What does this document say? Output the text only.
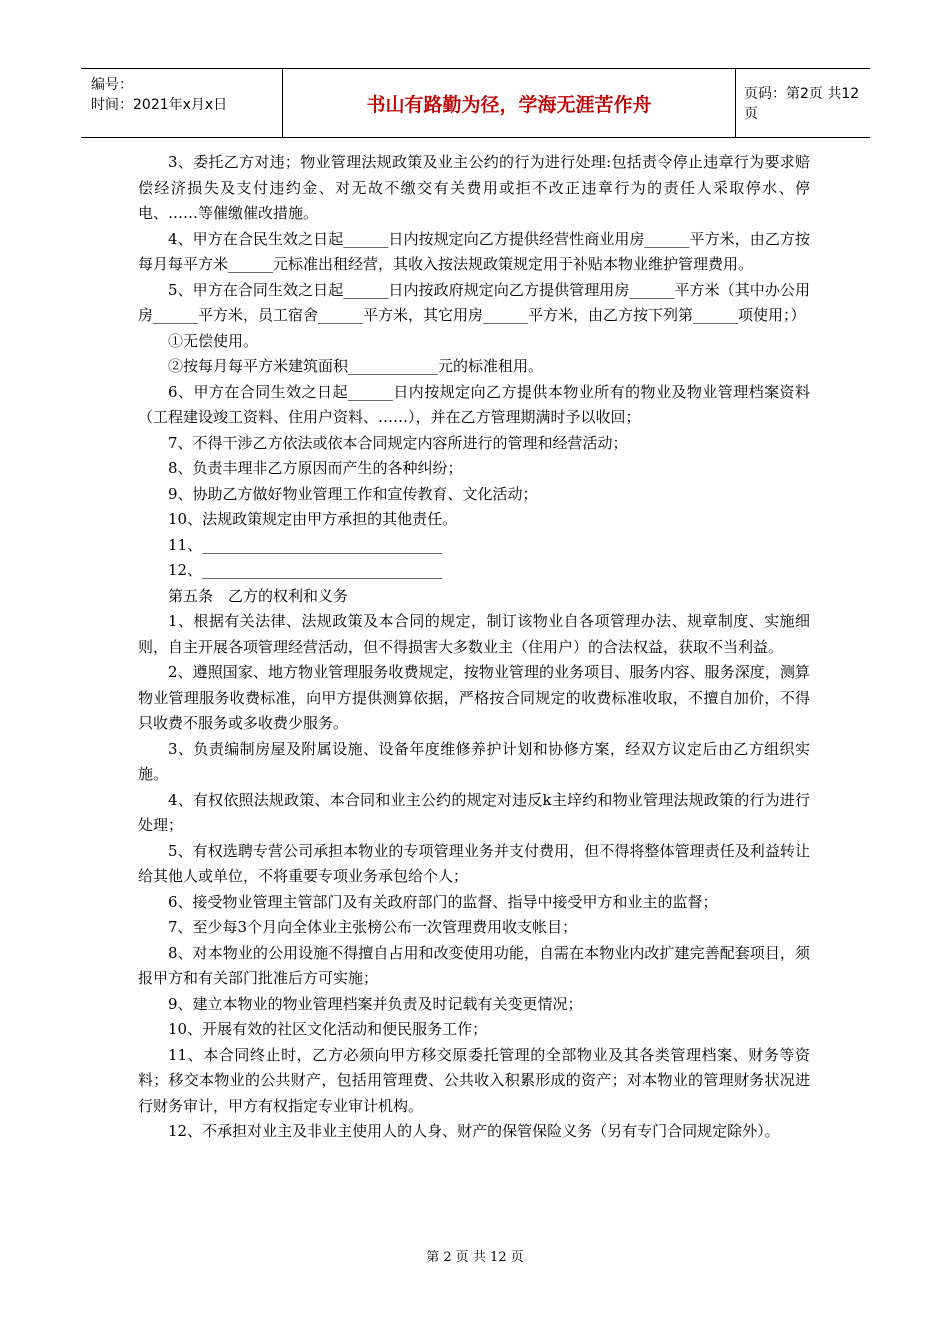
编号：
时间：2021年x月x日	书山有路勤为径，学海无涯苦作舟	页码：第2页 共12页

3、委托乙方对违；物业管理法规政策及业主公约的行为进行处理:包括责令停止违章行为要求赔偿经济损失及支付违约金、对无故不缴交有关费用或拒不改正违章行为的责任人采取停水、停电、……等催缴催改措施。

4、甲方在合民生效之日起______日内按规定向乙方提供经营性商业用房______平方米，由乙方按每月每平方米______元标准出租经营，其收入按法规政策规定用于补贴本物业维护管理费用。

5、甲方在合同生效之日起______日内按政府规定向乙方提供管理用房______平方米（其中办公用房______平方米，员工宿舍______平方米，其它用房______平方米，由乙方按下列第______项使用；）

①无偿使用。

②按每月每平方米建筑面积____________元的标准租用。

6、甲方在合同生效之日起______日内按规定向乙方提供本物业所有的物业及物业管理档案资料（工程建设竣工资料、住用户资料、……），并在乙方管理期满时予以收回；

7、不得干涉乙方依法或依本合同规定内容所进行的管理和经营活动；

8、负责丰理非乙方原因而产生的各种纠纷；

9、协助乙方做好物业管理工作和宣传教育、文化活动；

10、法规政策规定由甲方承担的其他责任。

11、________________________________

12、________________________________

第五条　乙方的权利和义务

1、根据有关法律、法规政策及本合同的规定，制订该物业自各项管理办法、规章制度、实施细则，自主开展各项管理经营活动，但不得损害大多数业主（住用户）的合法权益，获取不当利益。

2、遵照国家、地方物业管理服务收费规定，按物业管理的业务项目、服务内容、服务深度，测算物业管理服务收费标准，向甲方提供测算依据，严格按合同规定的收费标准收取，不擅自加价，不得只收费不服务或多收费少服务。

3、负责编制房屋及附属设施、设备年度维修养护计划和协修方案，经双方议定后由乙方组织实施。

4、有权依照法规政策、本合同和业主公约的规定对违反k主垶约和物业管理法规政策的行为进行处理；

5、有权选聘专营公司承担本物业的专项管理业务并支付费用，但不得将整体管理责任及利益转让给其他人或单位，不将重要专项业务承包给个人；

6、接受物业管理主管部门及有关政府部门的监督、指导中接受甲方和业主的监督；

7、至少每3个月向全体业主张榜公布一次管理费用收支帐目；

8、对本物业的公用设施不得擅自占用和改变使用功能，自需在本物业内改扩建完善配套项目，须报甲方和有关部门批准后方可实施；

9、建立本物业的物业管理档案并负责及时记载有关变更情况；

10、开展有效的社区文化活动和便民服务工作；

11、本合同终止时，乙方必须向甲方移交原委托管理的全部物业及其各类管理档案、财务等资料；移交本物业的公共财产，包括用管理费、公共收入积累形成的资产；对本物业的管理财务状况进行财务审计，甲方有权指定专业审计机构。

12、不承担对业主及非业主使用人的人身、财产的保管保险义务（另有专门合同规定除外）。

第 2 页 共 12 页
